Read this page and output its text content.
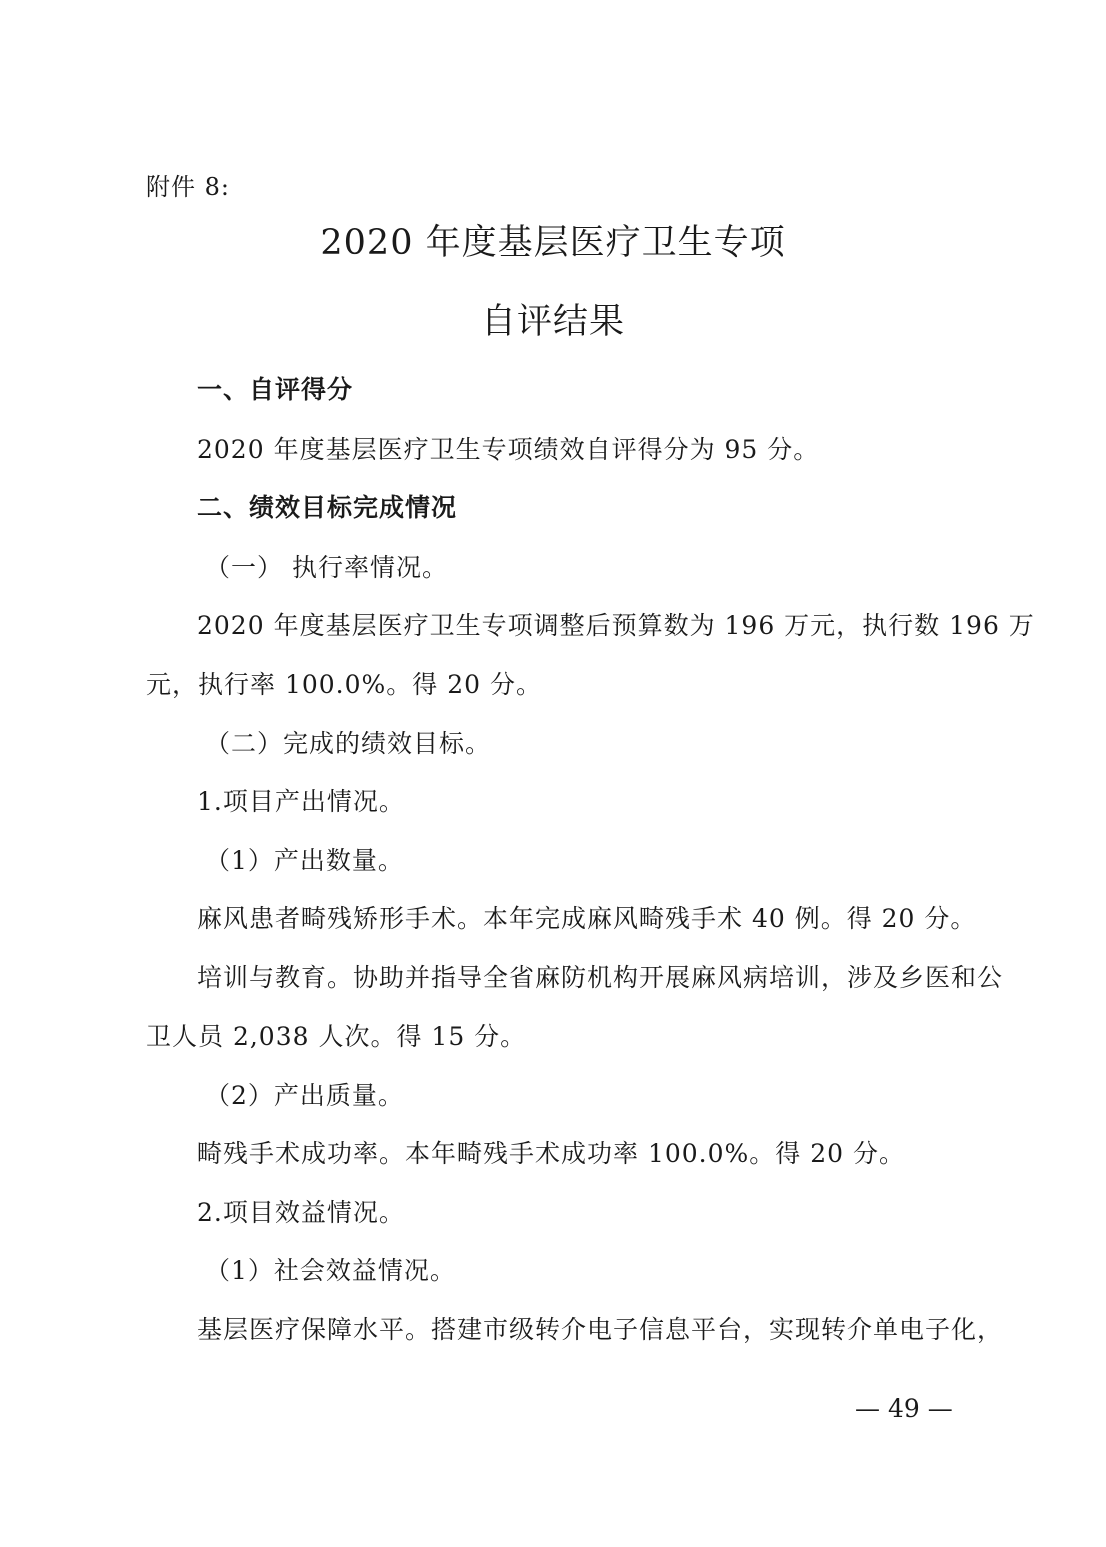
附件 8:
2020 年度基层医疗卫生专项
自评结果
一、自评得分
2020 年度基层医疗卫生专项绩效自评得分为 95 分。
二、绩效目标完成情况
（一） 执行率情况。
2020 年度基层医疗卫生专项调整后预算数为 196 万元，执行数 196 万
元，执行率 100.0%。得 20 分。
（二）完成的绩效目标。
1.项目产出情况。
（1）产出数量。
麻风患者畸残矫形手术。本年完成麻风畸残手术 40 例。得 20 分。
培训与教育。协助并指导全省麻防机构开展麻风病培训，涉及乡医和公
卫人员 2,038 人次。得 15 分。
（2）产出质量。
畸残手术成功率。本年畸残手术成功率 100.0%。得 20 分。
2.项目效益情况。
（1）社会效益情况。
基层医疗保障水平。搭建市级转介电子信息平台，实现转介单电子化，
— 49 —
